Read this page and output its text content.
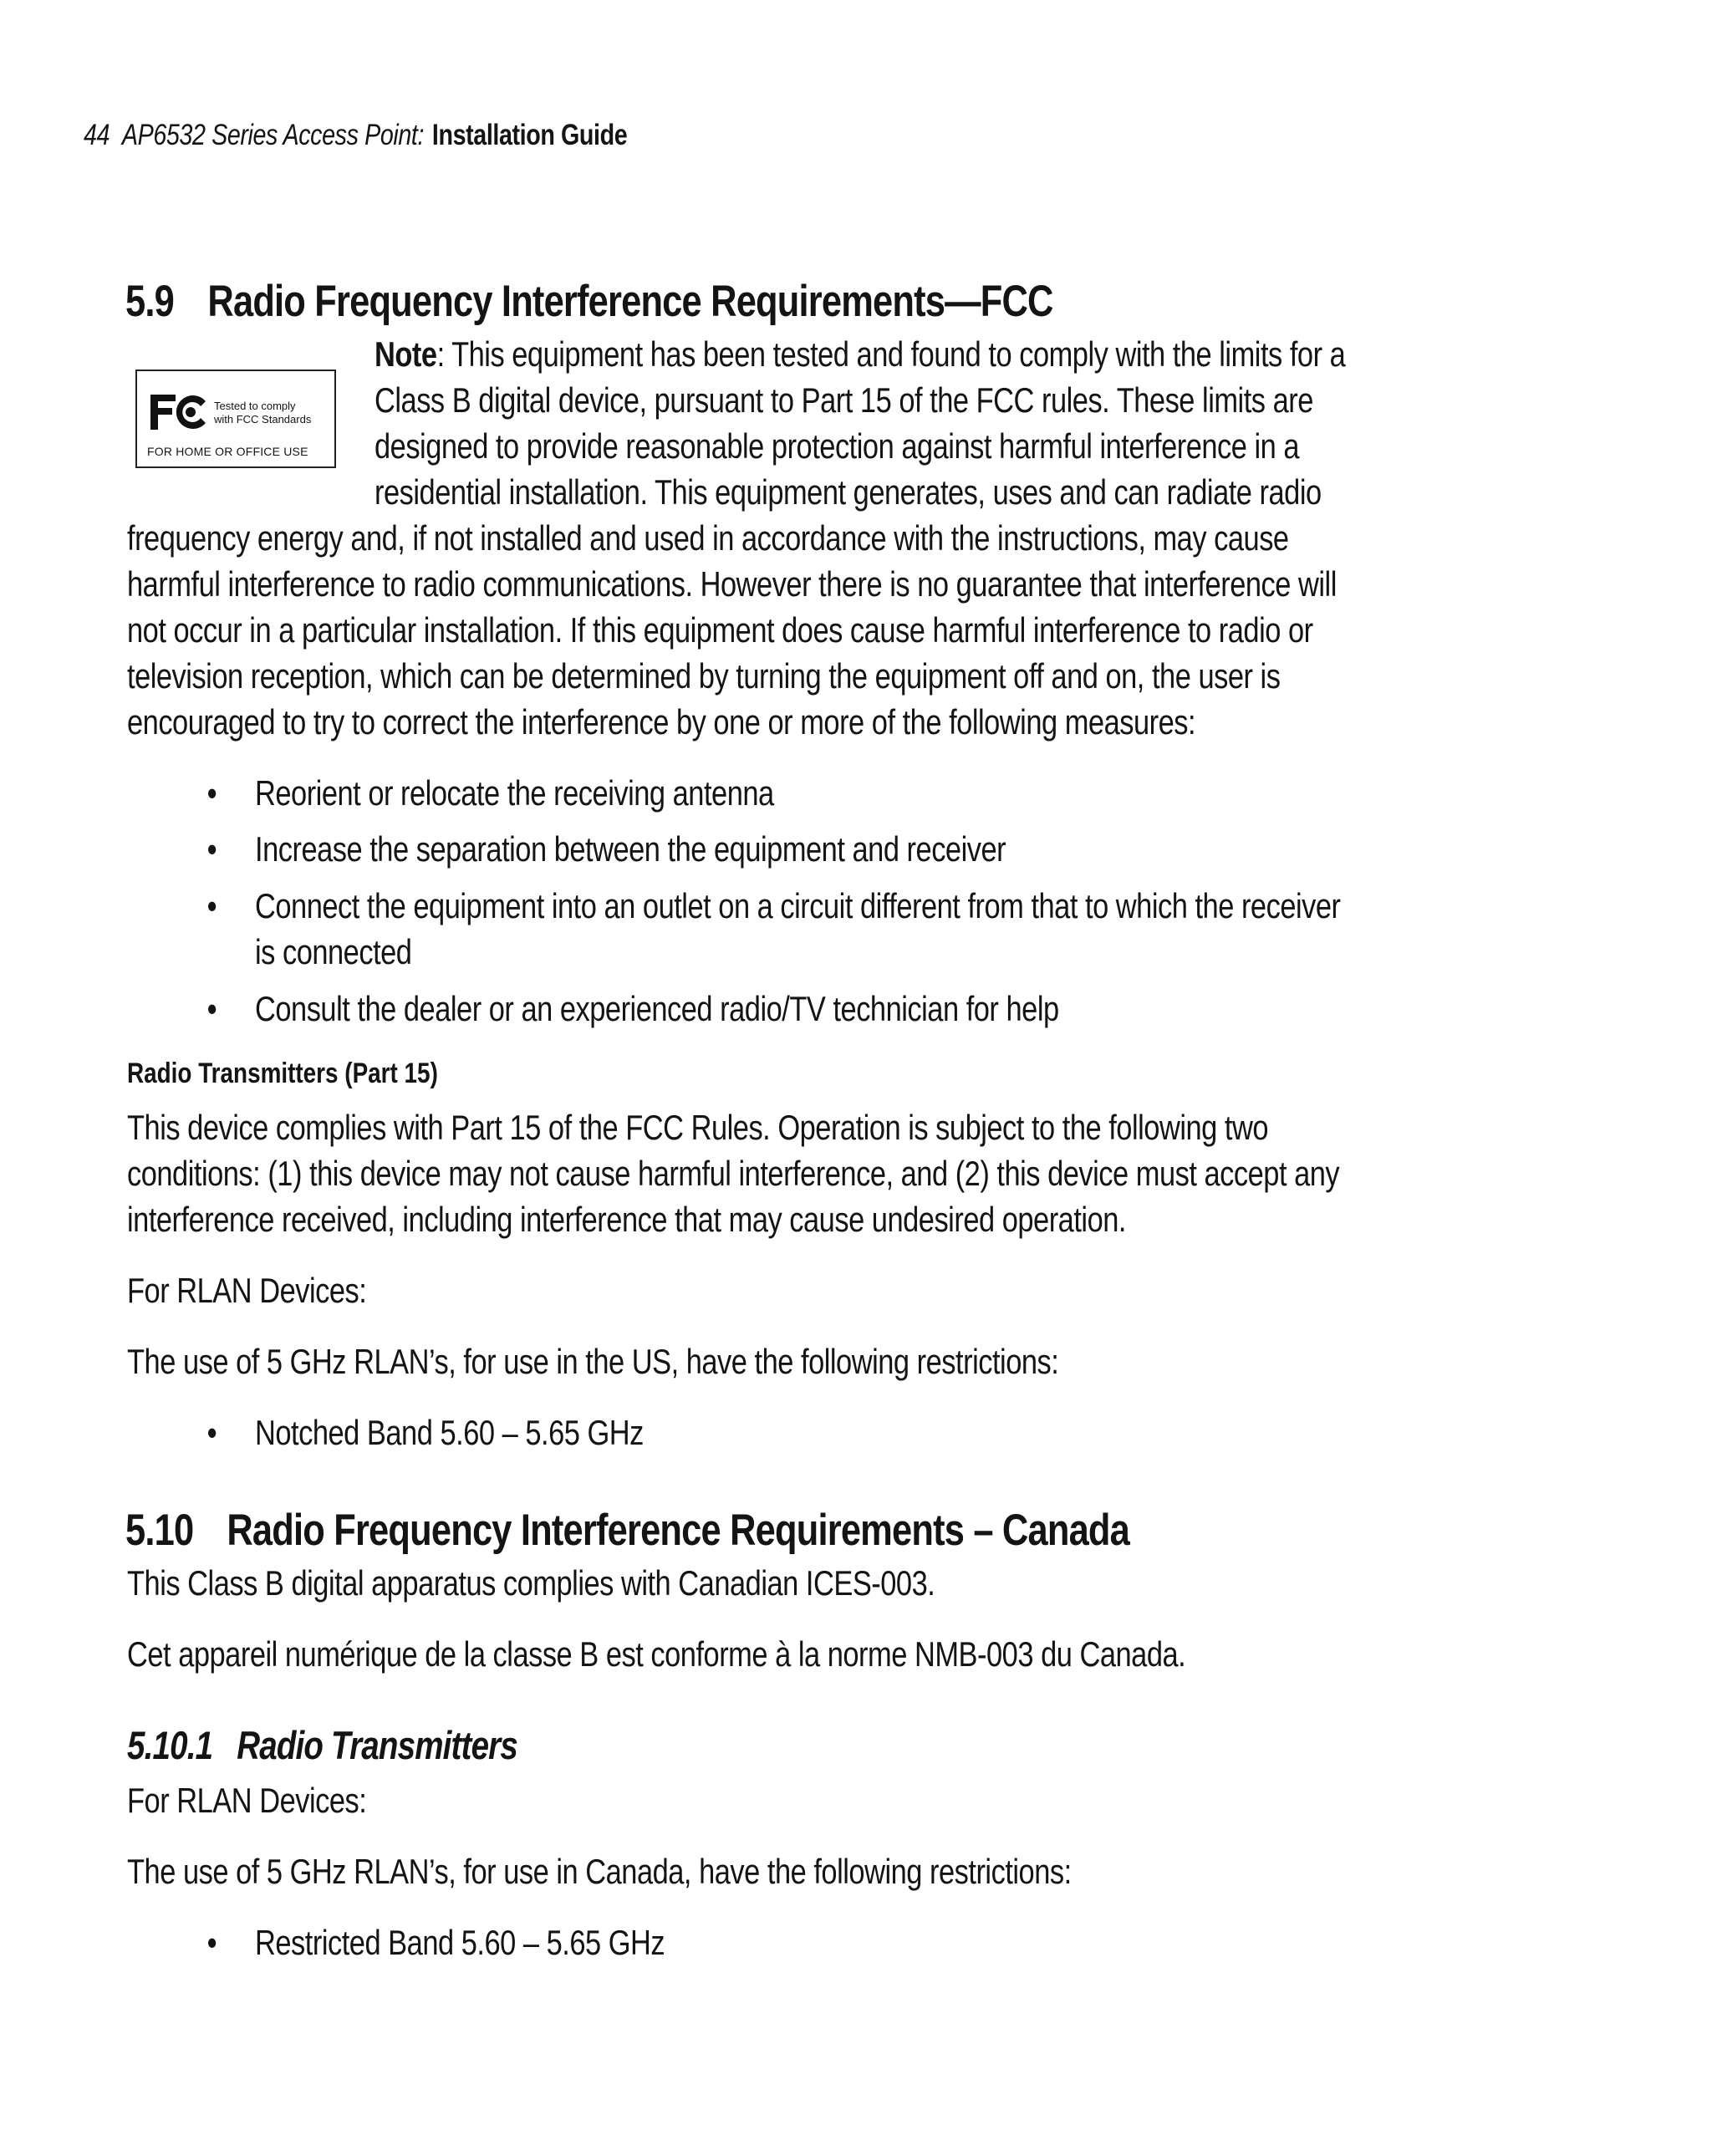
44 AP6532 Series Access Point: Installation Guide
5.9 Radio Frequency Interference Requirements—FCC
Tested to comply
with FCC Standards
FOR HOME OR OFFICE USE
Note: This equipment has been tested and found to comply with the limits for a
Class B digital device, pursuant to Part 15 of the FCC rules. These limits are
designed to provide reasonable protection against harmful interference in a
residential installation. This equipment generates, uses and can radiate radio
frequency energy and, if not installed and used in accordance with the instructions, may cause
harmful interference to radio communications. However there is no guarantee that interference will
not occur in a particular installation. If this equipment does cause harmful interference to radio or
television reception, which can be determined by turning the equipment off and on, the user is
encouraged to try to correct the interference by one or more of the following measures:
• Reorient or relocate the receiving antenna
• Increase the separation between the equipment and receiver
• Connect the equipment into an outlet on a circuit different from that to which the receiver
is connected
• Consult the dealer or an experienced radio/TV technician for help
Radio Transmitters (Part 15)
This device complies with Part 15 of the FCC Rules. Operation is subject to the following two
conditions: (1) this device may not cause harmful interference, and (2) this device must accept any
interference received, including interference that may cause undesired operation.
For RLAN Devices:
The use of 5 GHz RLAN’s, for use in the US, have the following restrictions:
• Notched Band 5.60 – 5.65 GHz
5.10 Radio Frequency Interference Requirements – Canada
This Class B digital apparatus complies with Canadian ICES-003.
Cet appareil numérique de la classe B est conforme à la norme NMB-003 du Canada.
5.10.1 Radio Transmitters
For RLAN Devices:
The use of 5 GHz RLAN’s, for use in Canada, have the following restrictions:
• Restricted Band 5.60 – 5.65 GHz
